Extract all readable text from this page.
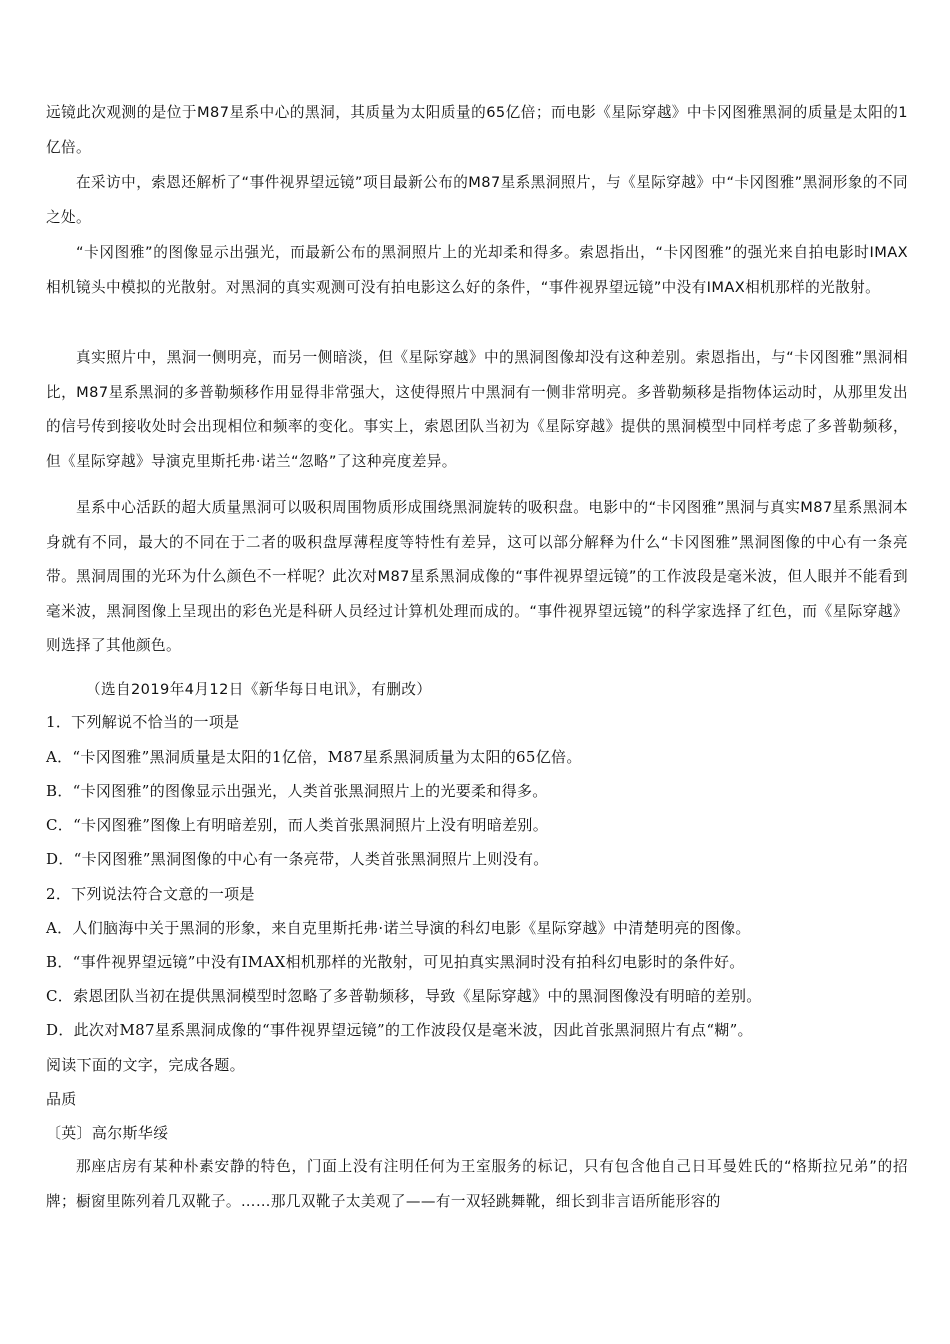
远镜此次观测的是位于M87星系中心的黑洞，其质量为太阳质量的65亿倍；而电影《星际穿越》中卡冈图雅黑洞的质量是太阳的1亿倍。

在采访中，索恩还解析了“事件视界望远镜”项目最新公布的M87星系黑洞照片，与《星际穿越》中“卡冈图雅”黑洞形象的不同之处。

“卡冈图雅”的图像显示出强光，而最新公布的黑洞照片上的光却柔和得多。索恩指出，“卡冈图雅”的强光来自拍电影时IMAX相机镜头中模拟的光散射。对黑洞的真实观测可没有拍电影这么好的条件，“事件视界望远镜”中没有IMAX相机那样的光散射。

真实照片中，黑洞一侧明亮，而另一侧暗淡，但《星际穿越》中的黑洞图像却没有这种差别。索恩指出，与“卡冈图雅”黑洞相比，M87星系黑洞的多普勒频移作用显得非常强大，这使得照片中黑洞有一侧非常明亮。多普勒频移是指物体运动时，从那里发出的信号传到接收处时会出现相位和频率的变化。事实上，索恩团队当初为《星际穿越》提供的黑洞模型中同样考虑了多普勒频移，但《星际穿越》导演克里斯托弗·诺兰“忽略”了这种亮度差异。

星系中心活跃的超大质量黑洞可以吸积周围物质形成围绕黑洞旋转的吸积盘。电影中的“卡冈图雅”黑洞与真实M87星系黑洞本身就有不同，最大的不同在于二者的吸积盘厚薄程度等特性有差异，这可以部分解释为什么“卡冈图雅”黑洞图像的中心有一条亮带。黑洞周围的光环为什么颜色不一样呢？此次对M87星系黑洞成像的“事件视界望远镜”的工作波段是毫米波，但人眼并不能看到毫米波，黑洞图像上呈现出的彩色光是科研人员经过计算机处理而成的。“事件视界望远镜”的科学家选择了红色，而《星际穿越》则选择了其他颜色。

（选自2019年4月12日《新华每日电讯》，有删改）

1．下列解说不恰当的一项是

A．“卡冈图雅”黑洞质量是太阳的1亿倍，M87星系黑洞质量为太阳的65亿倍。

B．“卡冈图雅”的图像显示出强光，人类首张黑洞照片上的光要柔和得多。

C．“卡冈图雅”图像上有明暗差别，而人类首张黑洞照片上没有明暗差别。

D．“卡冈图雅”黑洞图像的中心有一条亮带，人类首张黑洞照片上则没有。

2．下列说法符合文意的一项是

A．人们脑海中关于黑洞的形象，来自克里斯托弗·诺兰导演的科幻电影《星际穿越》中清楚明亮的图像。

B．“事件视界望远镜”中没有IMAX相机那样的光散射，可见拍真实黑洞时没有拍科幻电影时的条件好。

C．索恩团队当初在提供黑洞模型时忽略了多普勒频移，导致《星际穿越》中的黑洞图像没有明暗的差别。

D．此次对M87星系黑洞成像的“事件视界望远镜”的工作波段仅是毫米波，因此首张黑洞照片有点“糊”。

阅读下面的文字，完成各题。

品质

〔英〕高尔斯华绥

那座店房有某种朴素安静的特色，门面上没有注明任何为王室服务的标记，只有包含他自己日耳曼姓氏的“格斯拉兄弟”的招牌；橱窗里陈列着几双靴子。……那几双靴子太美观了——有一双轻跳舞靴，细长到非言语所能形容的
